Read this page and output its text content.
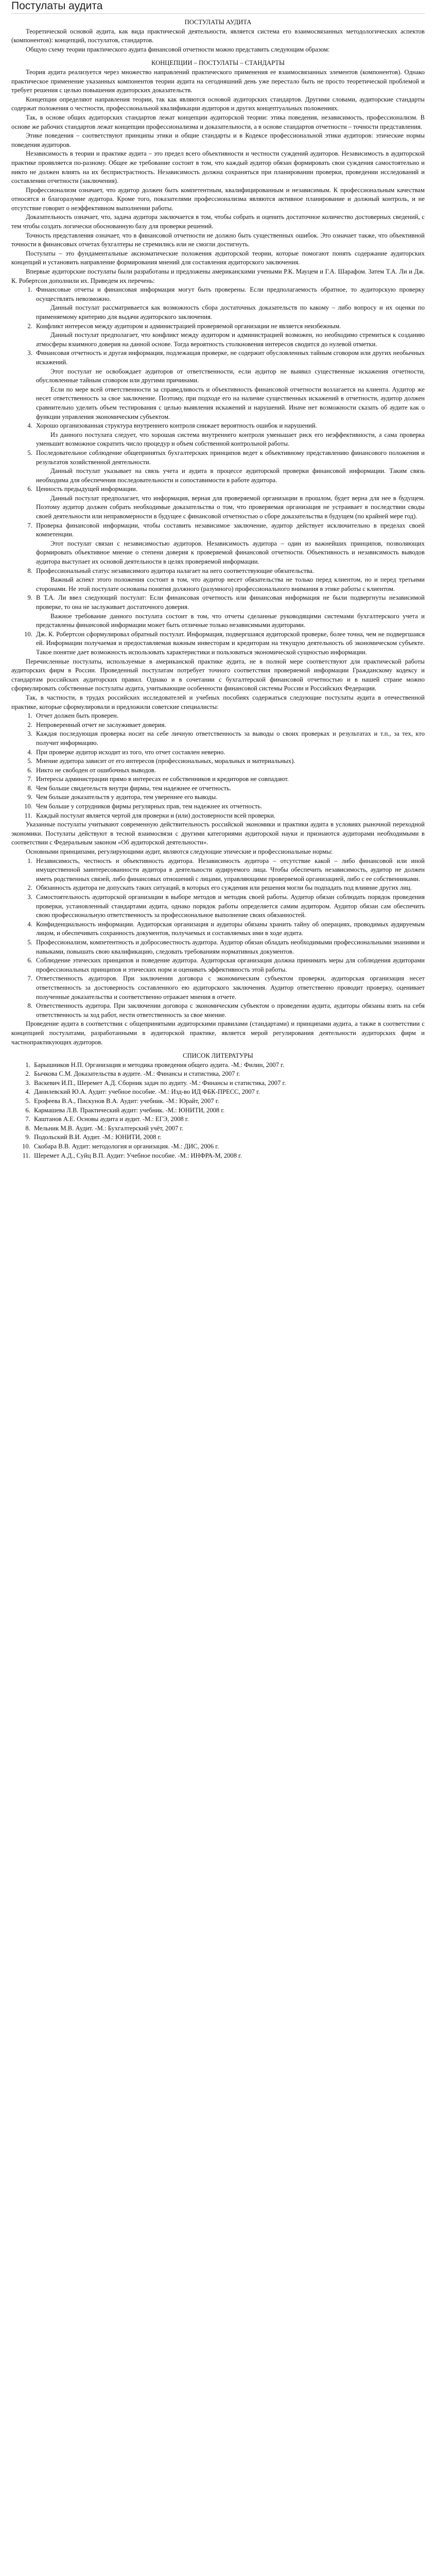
Постулаты аудита

ПОСТУЛАТЫ АУДИТА

Теоретической основой аудита, как вида практической деятельности, является система его взаимосвязанных методологических аспектов (компонентов): концепций, постулатов, стандартов.

Общую схему теории практического аудита финансовой отчетности можно представить следующим образом:

КОНЦЕПЦИИ – ПОСТУЛАТЫ – СТАНДАРТЫ

Теория аудита реализуется через множество направлений практического применения ее взаимосвязанных элементов (компонентов). Однако практическое применение указанных компонентов теории аудита на сегодняшний день уже перестало быть не просто теоретической проблемой и требует решения с целью повышения аудиторских доказательств.

Концепции определяют направления теории, так как являются основой аудиторских стандартов. Другими словами, аудиторские стандарты содержат положения о честности, профессиональной квалификации аудиторов и других концептуальных положениях.

Так, в основе общих аудиторских стандартов лежат концепции аудиторской теории: этика поведения, независимость, профессионализм. В основе же рабочих стандартов лежат концепции профессионализма и доказательности, а в основе стандартов отчетности – точности представления.

Этике поведения – соответствуют принципы этики и общие стандарты и в Кодексе профессиональной этики аудиторов: этические нормы поведения аудиторов.

Независимость в теории и практике аудита – это предел всего объективности и честности суждений аудиторов. Независимость в аудиторской практике проявляется по-разному. Общее же требование состоит в том, что каждый аудитор обязан формировать свои суждения самостоятельно и никто не должен влиять на их беспристрастность. Независимость должна сохраняться при планировании проверки, проведении исследований и составлении отчетности (заключения).

Профессионализм означает, что аудитор должен быть компетентным, квалифицированным и независимым. К профессиональным качествам относятся и благоразумие аудитора. Кроме того, показателями профессионализма являются активное планирование и должный контроль, и не отсутствие говорит о неэффективном выполнении работы.

Доказательность означает, что, задача аудитора заключается в том, чтобы собрать и оценить достаточное количество достоверных сведений, с тем чтобы создать логически обоснованную базу для проверки решений.

Точность представления означает, что в финансовой отчетности не должно быть существенных ошибок. Это означает также, что объективной точности в финансовых отчетах бухгалтеры не стремились или не смогли достигнуть.

Постулаты – это фундаментальные аксиоматические положения аудиторской теории, которые помогают понять содержание аудиторских концепций и установить направление формирования мнений для составления аудиторского заключения.

Впервые аудиторские постулаты были разработаны и предложены американскими учеными Р.К. Мауцем и Г.А. Шарафом. Затем Т.А. Ли и Дж. К. Робертсон дополнили их. Приведем их перечень:

1. Финансовые отчеты и финансовая информация могут быть проверены. Если предполагаемость обратное, то аудиторскую проверку осуществлять невозможно.

Данный постулат рассматривается как возможность сбора достаточных доказательств по какому – либо вопросу и их оценки по применяемому критерию для выдачи аудиторского заключения.

2. Конфликт интересов между аудитором и администрацией проверяемой организации не является неизбежным.

Данный постулат предполагает, что конфликт между аудитором и администрацией возможен, но необходимо стремиться к созданию атмосферы взаимного доверия на данной основе. Тогда вероятность столкновения интересов сводится до нулевой отметки.

3. Финансовая отчетность и другая информация, подлежащая проверке, не содержит обусловленных тайным сговором или других необычных искажений.

Этот постулат не освобождает аудиторов от ответственности, если аудитор не выявил существенные искажения отчетности, обусловленные тайным сговором или другими причинами.

Если по мере всей ответственности за справедливость и объективность финансовой отчетности возлагается на клиента. Аудитор же несет ответственность за свое заключение. Поэтому, при подходе его на наличие существенных искажений в отчетности, аудитор должен сравнительно уделить объем тестирования с целью выявления искажений и нарушений. Иначе нет возможности сказать об аудите как о функции управления экономическим субъектом.

4. Хорошо организованная структура внутреннего контроля снижает вероятность ошибок и нарушений.

Из данного постулата следует, что хорошая система внутреннего контроля уменьшает риск его неэффективности, а сама проверка уменьшит возможное сократить число процедур и объем собственной контрольной работы.

5. Последовательное соблюдение общепринятых бухгалтерских принципов ведет к объективному представлению финансового положения и результатов хозяйственной деятельности.

Данный постулат указывает на связь учета и аудита в процессе аудиторской проверки финансовой информации. Таким связь необходима для обеспечения последовательности и сопоставимости в работе аудитора.

6. Ценность предыдущей информации.

Данный постулат предполагает, что информация, верная для проверяемой организации в прошлом, будет верна для нее в будущем. Поэтому аудитор должен собрать необходимые доказательства о том, что проверяемая организация не устраивает в последствии своды своей деятельности или неправомерности в будущее с финансовой отчетностью о сборе доказательства в будущем (по крайней мере год).

7. Проверка финансовой информации, чтобы составить независимое заключение, аудитор действует исключительно в пределах своей компетенции.

Этот постулат связан с независимостью аудиторов. Независимость аудитора – один из важнейших принципов, позволяющих формировать объективное мнение о степени доверия к проверяемой финансовой отчетности. Объективность и независимость выводов аудитора выступает их основой деятельности в целях проверяемой информации.

8. Профессиональный статус независимого аудитора налагает на него соответствующие обязательства.

Важный аспект этого положения состоит в том, что аудитор несет обязательства не только перед клиентом, но и перед третьими сторонами. Не этой постулате основаны понятия должного (разумного) профессионального внимания в этике работы с клиентом.

9. В Т.А. Ли ввел следующий постулат: Если финансовая отчетность или финансовая информация не были подвергнуты независимой проверке, то она не заслуживает достаточного доверия.

Важное требование данного постулата состоит в том, что отчеты сделанные руководящими системами бухгалтерского учета и представлены финансовой информации может быть отличные только независимыми аудиторами.

10. Дж. К. Робертсон сформулировал обратный постулат. Информация, подвергшаяся аудиторской проверке, более точна, чем не подвергшаяся ей. Информации получаемая и предоставляемая важным инвесторам и кредиторам на текущую деятельность об экономическом субъекте. Такое понятие дает возможность использовать характеристики и пользоваться экономической сущностью информации.

Перечисленные постулаты, используемые в американской практике аудита, не в полной мере соответствуют для практической работы аудиторских фирм в России. Проведенный постулатам потребует точного соответствия проверяемой информации Гражданскому кодексу и стандартам российских аудиторских правил. Однако и в сочетании с бухгалтерской финансовой отчетностью и в нашей стране можно сформулировать собственные постулаты аудита, учитывающие особенности финансовой системы России и Российских Федерации.

Так, в частности, в трудах российских исследователей и учебных пособиях содержаться следующие постулаты аудита в отечественной практике, которые сформулировали и предложили советские специалисты:

1. Отчет должен быть проверен.
2. Непроверенный отчет не заслуживает доверия.
3. Каждая последующая проверка носит на себе личную ответственность за выводы о своих проверках и результатах и т.п., за тех, кто получит информацию.
4. При проверке аудитор исходит из того, что отчет составлен невернo.
5. Мнение аудитора зависит от его интересов (профессиональных, моральных и материальных).
6. Никто не свободен от ошибочных выводов.
7. Интересы администрации прямо в интересах ее собственников и кредиторов не совпадают.
8. Чем больше свидетельств внутри фирмы, тем надежнее ее отчетность.
9. Чем больше доказательств у аудитора, тем увереннее его выводы.
10. Чем больше у сотрудников фирмы регулярных прав, тем надежнее их отчетность.
11. Каждый постулат является чертой для проверки и (или) достоверности всей проверки.

Указанные постулаты учитывают современную действительность российской экономики и практики аудита в условиях рыночной переходной экономики. Постулаты действуют в тесной взаимосвязи с другими категориями аудиторской науки и признаются аудиторами необходимыми в соответствии с Федеральным законом «Об аудиторской деятельности».

Основными принципами, регулирующими аудит, являются следующие этические и профессиональные нормы:

1. Независимость, честность и объективность аудитора. Независимость аудитора – отсутствие какой – либо финансовой или иной имущественной заинтересованности аудитора в деятельности аудируемого лица. Чтобы обеспечить независимость, аудитор не должен иметь родственных связей, либо финансовых отношений с лицами, управляющими проверяемой организацией, либо с ее собственниками.
2. Обязанность аудитора не допускать таких ситуаций, в которых его суждения или решения могли бы подпадать под влияние других лиц.
3. Самостоятельность аудиторской организации в выборе методов и методик своей работы. Аудитор обязан соблюдать порядок проведения проверки, установленный стандартами аудита, однако порядок работы определяется самим аудитором. Аудитор обязан сам обеспечить свою профессиональную ответственность за профессиональное выполнение своих обязанностей.
4. Конфиденциальность информации. Аудиторская организация и аудиторы обязаны хранить тайну об операциях, проводимых аудируемым лицом, и обеспечивать сохранность документов, получаемых и составляемых ими в ходе аудита.
5. Профессионализм, компетентность и добросовестность аудитора. Аудитор обязан обладать необходимыми профессиональными знаниями и навыками, повышать свою квалификацию, следовать требованиям нормативных документов.
6. Соблюдение этических принципов и поведение аудитора. Аудиторская организация должна принимать меры для соблюдения аудиторами профессиональных принципов и этических норм и оценивать эффективность этой работы.
7. Ответственность аудиторов. При заключении договора с экономическим субъектом проверки, аудиторская организация несет ответственность за достоверность составленного ею аудиторского заключения. Аудитор ответственно проводит проверку, оценивает полученные доказательства и соответственно отражает мнения в отчете.
8. Ответственность аудитора. При заключении договора с экономическим субъектом о проведении аудита, аудиторы обязаны взять на себя ответственность за ход работ, нести ответственность за свое мнение.

Проведение аудита в соответствии с общепринятыми аудиторскими правилами (стандартами) и принципами аудита, а также в соответствии с концепцией постулатами, разработанными в аудиторской практике, является мерой регулирования деятельности аудиторских фирм и частнопрактикующих аудиторов.

СПИСОК ЛИТЕРАТУРЫ

1. Барышников Н.П. Организация и методика проведения общего аудита. -М.: Филин, 2007 г.
2. Бычкова С.М. Доказательства в аудите. -М.: Финансы и статистика, 2007 г.
3. Васкевич И.П., Шеремет А.Д. Сборник задач по аудиту. -М.: Финансы и статистика, 2007 г.
4. Данилевский Ю.А. Аудит: учебное пособие. -М.: Изд-во ИД ФБК-ПРЕСС, 2007 г.
5. Ерофеева В.А., Пискунов В.А. Аудит: учебник. -М.: Юрайт, 2007 г.
6. Кармашева Л.В. Практический аудит: учебник. -М.: ЮНИТИ, 2008 г.
7. Каштанов А.Е. Основы аудита и аудит. -М.: ЕГЭ, 2008 г.
8. Мельник М.В. Аудит. -М.: Бухгалтерский учёт, 2007 г.
9. Подольский В.И. Аудит. -М.: ЮНИТИ, 2008 г.
10. Скобара В.В. Аудит: методология и организация. -М.: ДИС, 2006 г.
11. Шеремет А.Д., Суйц В.П. Аудит: Учебное пособие. -М.: ИНФРА-М, 2008 г.
